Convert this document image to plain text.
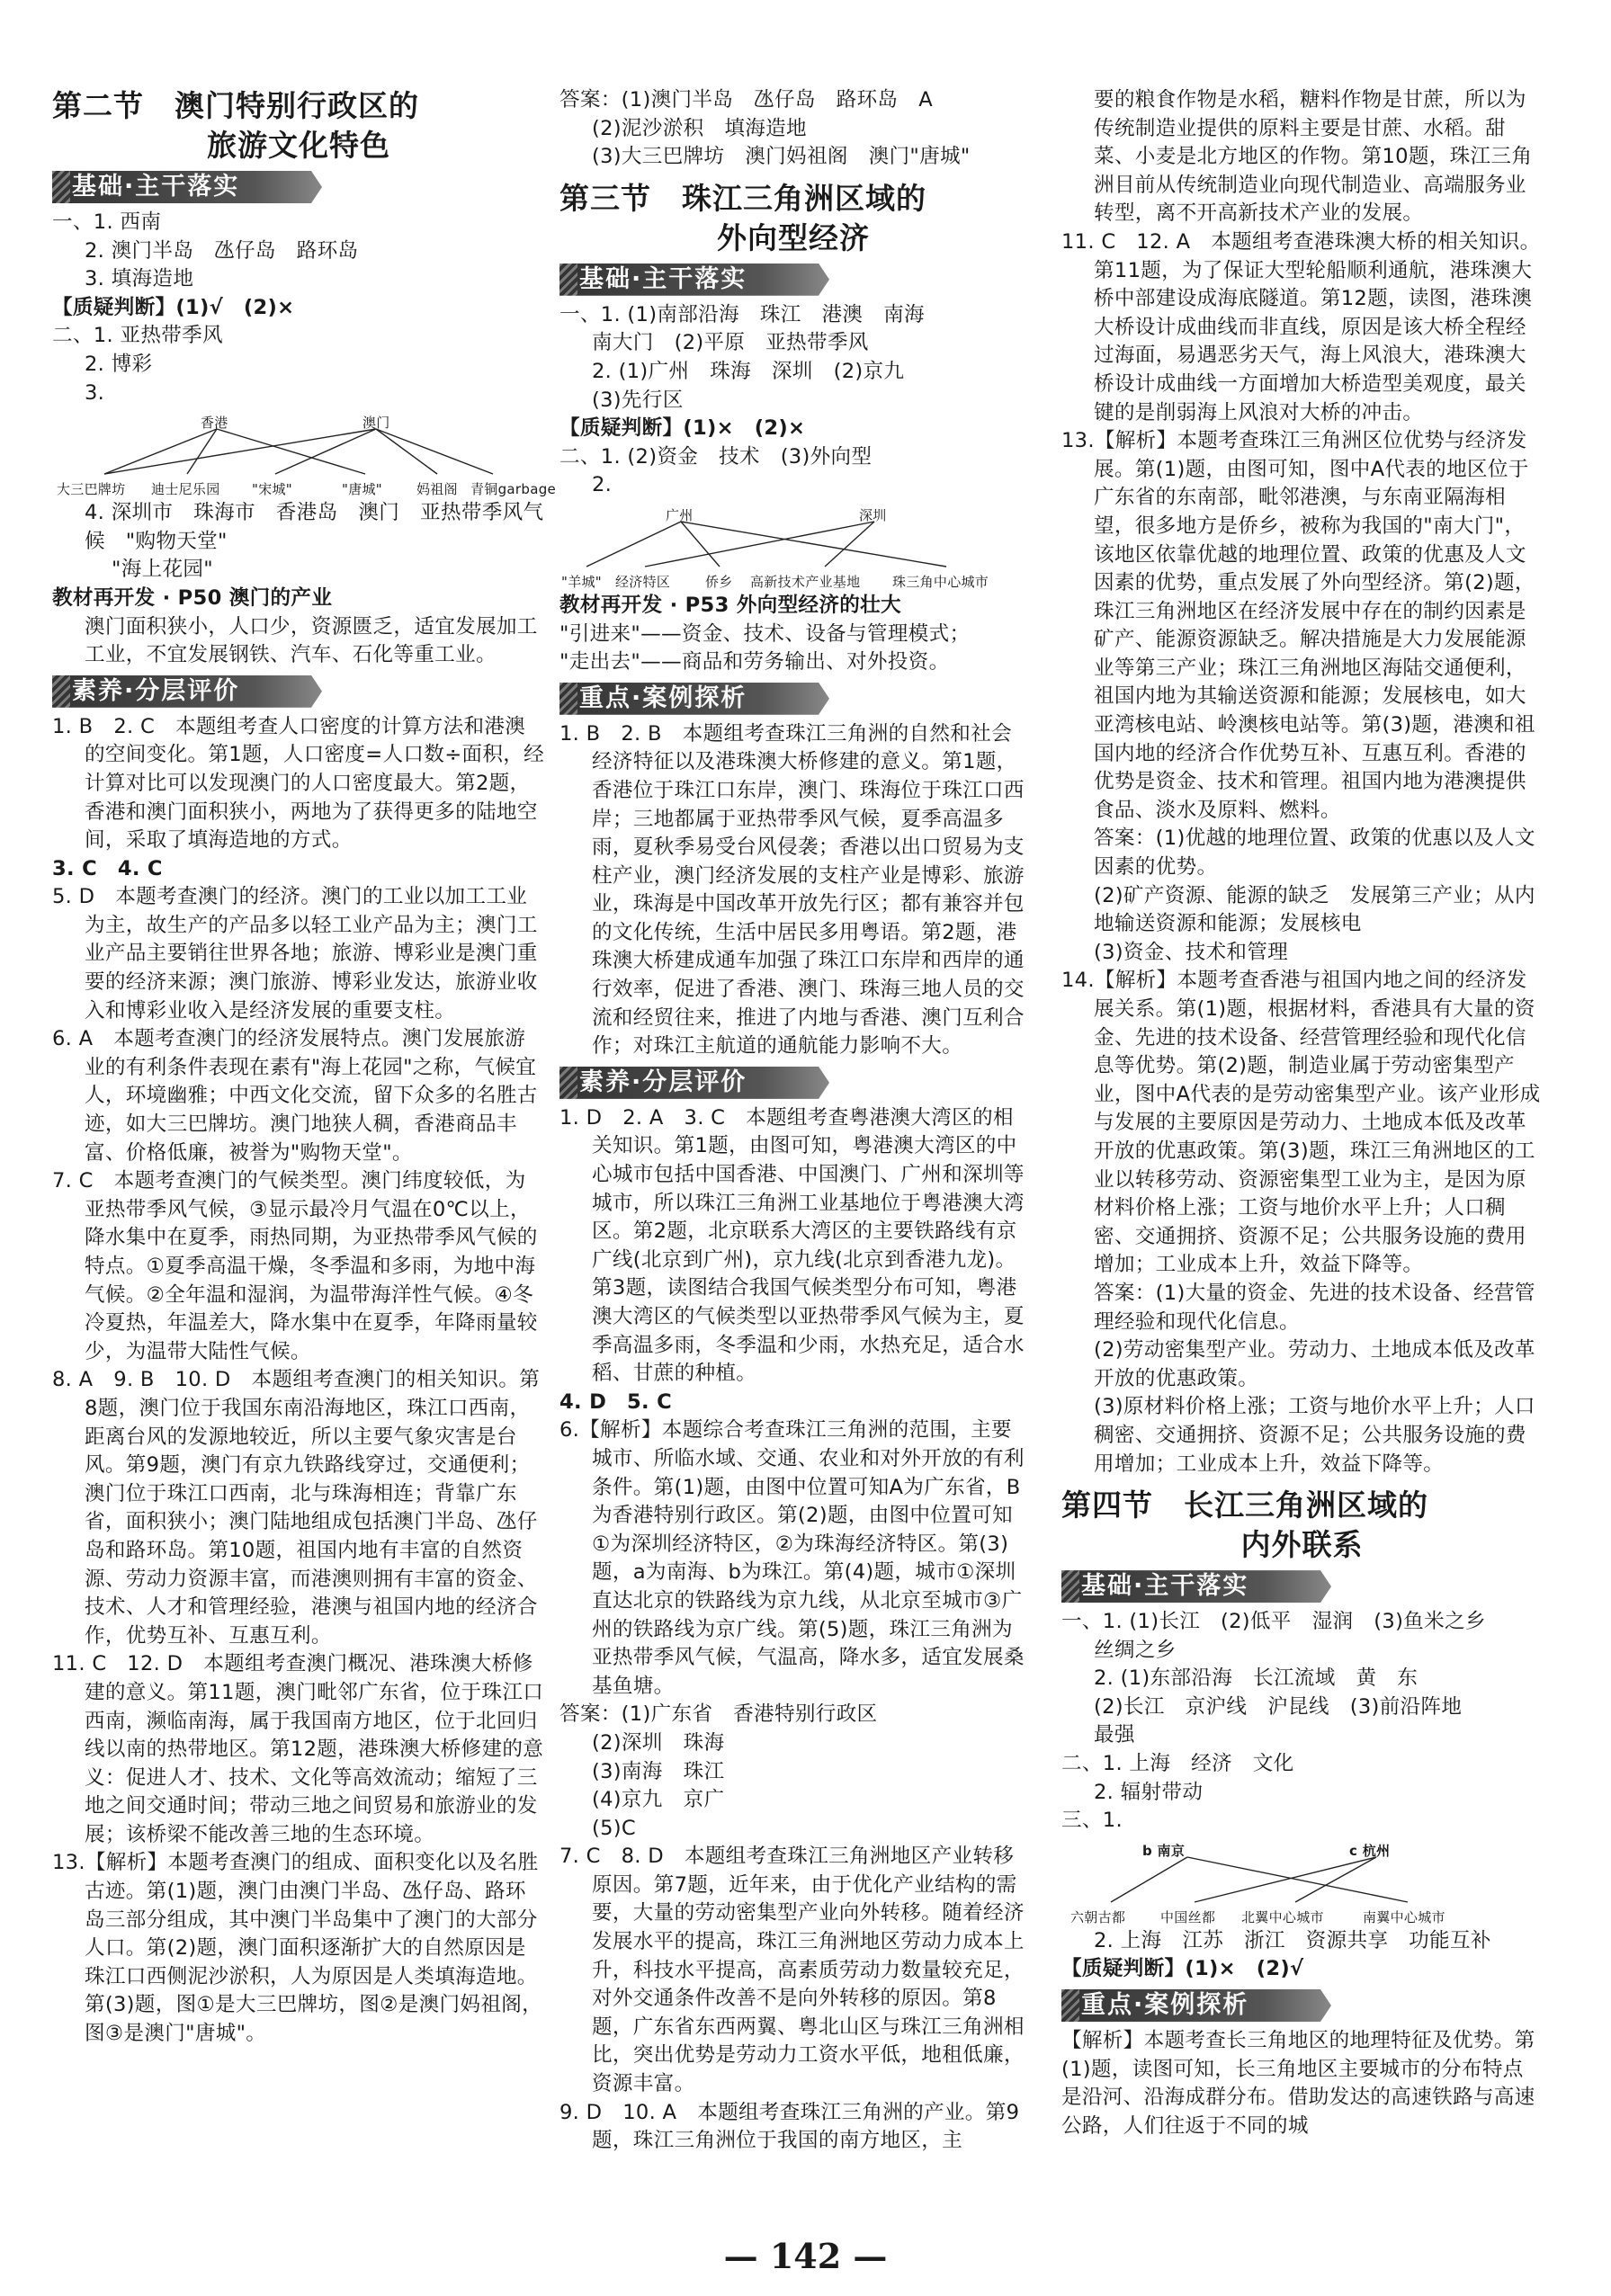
第二节　澳门特别行政区的
旅游文化特色
基础·主干落实

一、1. 西南

2. 澳门半岛　氹仔岛　路环岛

3. 填海造地

【质疑判断】(1)√　(2)×

二、1. 亚热带季风

2. 博彩

3.

香港	澳门
大三巴牌坊 迪士尼乐园 "宋城"	"唐城"	妈祖阁 青铜garbage

4. 深圳市　珠海市　香港岛　澳门　亚热带季风气候　"购物天堂"

"海上花园"

教材再开发 · P50 澳门的产业

澳门面积狭小，人口少，资源匮乏，适宜发展加工工业，不宜发展钢铁、汽车、石化等重工业。

素养·分层评价

1. B　2. C　本题组考查人口密度的计算方法和港澳的空间变化。第1题，人口密度=人口数÷面积，经计算对比可以发现澳门的人口密度最大。第2题，香港和澳门面积狭小，两地为了获得更多的陆地空间，采取了填海造地的方式。

3. C　4. C

5. D　本题考查澳门的经济。澳门的工业以加工工业为主，故生产的产品多以轻工业产品为主；澳门工业产品主要销往世界各地；旅游、博彩业是澳门重要的经济来源；澳门旅游、博彩业发达，旅游业收入和博彩业收入是经济发展的重要支柱。

6. A　本题考查澳门的经济发展特点。澳门发展旅游业的有利条件表现在素有"海上花园"之称，气候宜人，环境幽雅；中西文化交流，留下众多的名胜古迹，如大三巴牌坊。澳门地狭人稠，香港商品丰富、价格低廉，被誉为"购物天堂"。

7. C　本题考查澳门的气候类型。澳门纬度较低，为亚热带季风气候，③显示最冷月气温在0℃以上，降水集中在夏季，雨热同期，为亚热带季风气候的特点。①夏季高温干燥，冬季温和多雨，为地中海气候。②全年温和湿润，为温带海洋性气候。④冬冷夏热，年温差大，降水集中在夏季，年降雨量较少，为温带大陆性气候。

8. A　9. B　10. D　本题组考查澳门的相关知识。第8题，澳门位于我国东南沿海地区，珠江口西南，距离台风的发源地较近，所以主要气象灾害是台风。第9题，澳门有京九铁路线穿过，交通便利；澳门位于珠江口西南，北与珠海相连；背靠广东省，面积狭小；澳门陆地组成包括澳门半岛、氹仔岛和路环岛。第10题，祖国内地有丰富的自然资源、劳动力资源丰富，而港澳则拥有丰富的资金、技术、人才和管理经验，港澳与祖国内地的经济合作，优势互补、互惠互利。

11. C　12. D　本题组考查澳门概况、港珠澳大桥修建的意义。第11题，澳门毗邻广东省，位于珠江口西南，濒临南海，属于我国南方地区，位于北回归线以南的热带地区。第12题，港珠澳大桥修建的意义：促进人才、技术、文化等高效流动；缩短了三地之间交通时间；带动三地之间贸易和旅游业的发展；该桥梁不能改善三地的生态环境。

13.【解析】本题考查澳门的组成、面积变化以及名胜古迹。第(1)题，澳门由澳门半岛、氹仔岛、路环岛三部分组成，其中澳门半岛集中了澳门的大部分人口。第(2)题，澳门面积逐渐扩大的自然原因是珠江口西侧泥沙淤积，人为原因是人类填海造地。第(3)题，图①是大三巴牌坊，图②是澳门妈祖阁，图③是澳门"唐城"。

答案：(1)澳门半岛　氹仔岛　路环岛　A

(2)泥沙淤积　填海造地

(3)大三巴牌坊　澳门妈祖阁　澳门"唐城"

第三节　珠江三角洲区域的
外向型经济
基础·主干落实

一、1. (1)南部沿海　珠江　港澳　南海

南大门　(2)平原　亚热带季风

2. (1)广州　珠海　深圳　(2)京九

(3)先行区

【质疑判断】(1)×　(2)×

二、1. (2)资金　技术　(3)外向型

2.

广州	深圳
"羊城" 经济特区	侨乡 高新技术产业基地 珠三角中心城市

教材再开发 · P53 外向型经济的壮大

"引进来"——资金、技术、设备与管理模式；

"走出去"——商品和劳务输出、对外投资。

重点·案例探析

1. B　2. B　本题组考查珠江三角洲的自然和社会经济特征以及港珠澳大桥修建的意义。第1题，香港位于珠江口东岸，澳门、珠海位于珠江口西岸；三地都属于亚热带季风气候，夏季高温多雨，夏秋季易受台风侵袭；香港以出口贸易为支柱产业，澳门经济发展的支柱产业是博彩、旅游业，珠海是中国改革开放先行区；都有兼容并包的文化传统，生活中居民多用粤语。第2题，港珠澳大桥建成通车加强了珠江口东岸和西岸的通行效率，促进了香港、澳门、珠海三地人员的交流和经贸往来，推进了内地与香港、澳门互利合作；对珠江主航道的通航能力影响不大。

素养·分层评价

1. D　2. A　3. C　本题组考查粤港澳大湾区的相关知识。第1题，由图可知，粤港澳大湾区的中心城市包括中国香港、中国澳门、广州和深圳等城市，所以珠江三角洲工业基地位于粤港澳大湾区。第2题，北京联系大湾区的主要铁路线有京广线(北京到广州)，京九线(北京到香港九龙)。第3题，读图结合我国气候类型分布可知，粤港澳大湾区的气候类型以亚热带季风气候为主，夏季高温多雨，冬季温和少雨，水热充足，适合水稻、甘蔗的种植。

4. D　5. C

6.【解析】本题综合考查珠江三角洲的范围，主要城市、所临水域、交通、农业和对外开放的有利条件。第(1)题，由图中位置可知A为广东省，B为香港特别行政区。第(2)题，由图中位置可知①为深圳经济特区，②为珠海经济特区。第(3)题，a为南海、b为珠江。第(4)题，城市①深圳直达北京的铁路线为京九线，从北京至城市③广州的铁路线为京广线。第(5)题，珠江三角洲为亚热带季风气候，气温高，降水多，适宜发展桑基鱼塘。

答案：(1)广东省　香港特别行政区

(2)深圳　珠海

(3)南海　珠江

(4)京九　京广

(5)C

7. C　8. D　本题组考查珠江三角洲地区产业转移原因。第7题，近年来，由于优化产业结构的需要，大量的劳动密集型产业向外转移。随着经济发展水平的提高，珠江三角洲地区劳动力成本上升，科技水平提高，高素质劳动力数量较充足，对外交通条件改善不是向外转移的原因。第8题，广东省东西两翼、粤北山区与珠江三角洲相比，突出优势是劳动力工资水平低，地租低廉，资源丰富。

9. D　10. A　本题组考查珠江三角洲的产业。第9题，珠江三角洲位于我国的南方地区，主

要的粮食作物是水稻，糖料作物是甘蔗，所以为传统制造业提供的原料主要是甘蔗、水稻。甜菜、小麦是北方地区的作物。第10题，珠江三角洲目前从传统制造业向现代制造业、高端服务业转型，离不开高新技术产业的发展。

11. C　12. A　本题组考查港珠澳大桥的相关知识。第11题，为了保证大型轮船顺利通航，港珠澳大桥中部建设成海底隧道。第12题，读图，港珠澳大桥设计成曲线而非直线，原因是该大桥全程经过海面，易遇恶劣天气，海上风浪大，港珠澳大桥设计成曲线一方面增加大桥造型美观度，最关键的是削弱海上风浪对大桥的冲击。

13.【解析】本题考查珠江三角洲区位优势与经济发展。第(1)题，由图可知，图中A代表的地区位于广东省的东南部，毗邻港澳，与东南亚隔海相望，很多地方是侨乡，被称为我国的"南大门"，该地区依靠优越的地理位置、政策的优惠及人文因素的优势，重点发展了外向型经济。第(2)题，珠江三角洲地区在经济发展中存在的制约因素是矿产、能源资源缺乏。解决措施是大力发展能源业等第三产业；珠江三角洲地区海陆交通便利，祖国内地为其输送资源和能源；发展核电，如大亚湾核电站、岭澳核电站等。第(3)题，港澳和祖国内地的经济合作优势互补、互惠互利。香港的优势是资金、技术和管理。祖国内地为港澳提供食品、淡水及原料、燃料。

答案：(1)优越的地理位置、政策的优惠以及人文因素的优势。

(2)矿产资源、能源的缺乏　发展第三产业；从内地输送资源和能源；发展核电

(3)资金、技术和管理

14.【解析】本题考查香港与祖国内地之间的经济发展关系。第(1)题，根据材料，香港具有大量的资金、先进的技术设备、经营管理经验和现代化信息等优势。第(2)题，制造业属于劳动密集型产业，图中A代表的是劳动密集型产业。该产业形成与发展的主要原因是劳动力、土地成本低及改革开放的优惠政策。第(3)题，珠江三角洲地区的工业以转移劳动、资源密集型工业为主，是因为原材料价格上涨；工资与地价水平上升；人口稠密、交通拥挤、资源不足；公共服务设施的费用增加；工业成本上升，效益下降等。

答案：(1)大量的资金、先进的技术设备、经营管理经验和现代化信息。

(2)劳动密集型产业。劳动力、土地成本低及改革开放的优惠政策。

(3)原材料价格上涨；工资与地价水平上升；人口稠密、交通拥挤、资源不足；公共服务设施的费用增加；工业成本上升，效益下降等。

第四节　长江三角洲区域的
内外联系
基础·主干落实

一、1. (1)长江　(2)低平　湿润　(3)鱼米之乡

丝绸之乡

2. (1)东部沿海　长江流域　黄　东

(2)长江　京沪线　沪昆线　(3)前沿阵地

最强

二、1. 上海　经济　文化

2. 辐射带动

三、1.

b 南京	c 杭州
六朝古都	中国丝都 北翼中心城市	南翼中心城市

2. 上海　江苏　浙江　资源共享　功能互补

【质疑判断】(1)×　(2)√

重点·案例探析

【解析】本题考查长三角地区的地理特征及优势。第(1)题，读图可知，长三角地区主要城市的分布特点是沿河、沿海成群分布。借助发达的高速铁路与高速公路，人们往返于不同的城

— 142 —
